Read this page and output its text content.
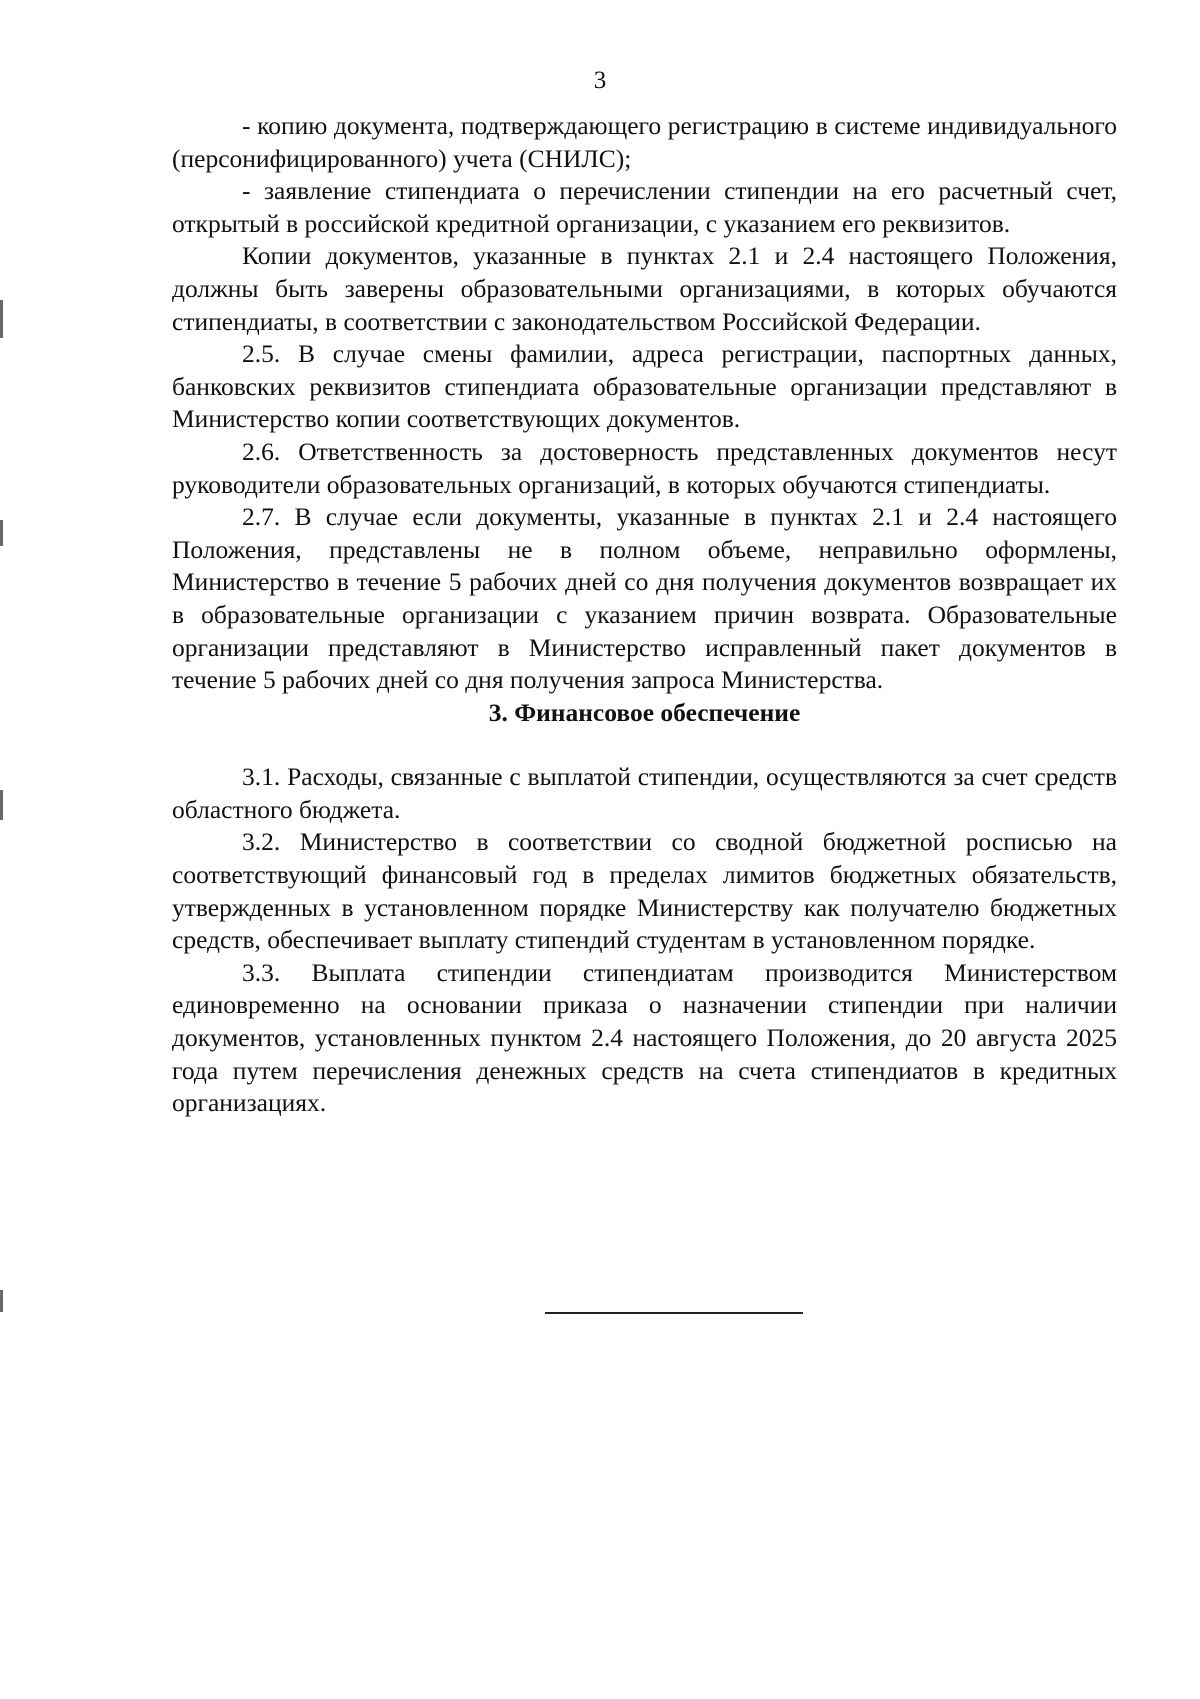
3

- копию документа, подтверждающего регистрацию в системе индивидуального (персонифицированного) учета (СНИЛС);

- заявление стипендиата о перечислении стипендии на его расчетный счет, открытый в российской кредитной организации, с указанием его реквизитов.

Копии документов, указанные в пунктах 2.1 и 2.4 настоящего Положения, должны быть заверены образовательными организациями, в которых обучаются стипендиаты, в соответствии с законодательством Российской Федерации.

2.5. В случае смены фамилии, адреса регистрации, паспортных данных, банковских реквизитов стипендиата образовательные организации представляют в Министерство копии соответствующих документов.

2.6. Ответственность за достоверность представленных документов несут руководители образовательных организаций, в которых обучаются стипендиаты.

2.7. В случае если документы, указанные в пунктах 2.1 и 2.4 настоящего Положения, представлены не в полном объеме, неправильно оформлены, Министерство в течение 5 рабочих дней со дня получения документов возвращает их в образовательные организации с указанием причин возврата. Образовательные организации представляют в Министерство исправленный пакет документов в течение 5 рабочих дней со дня получения запроса Министерства.

3. Финансовое обеспечение

3.1. Расходы, связанные с выплатой стипендии, осуществляются за счет средств областного бюджета.

3.2. Министерство в соответствии со сводной бюджетной росписью на соответствующий финансовый год в пределах лимитов бюджетных обязательств, утвержденных в установленном порядке Министерству как получателю бюджетных средств, обеспечивает выплату стипендий студентам в установленном порядке.

3.3. Выплата стипендии стипендиатам производится Министерством единовременно на основании приказа о назначении стипендии при наличии документов, установленных пунктом 2.4 настоящего Положения, до 20 августа 2025 года путем перечисления денежных средств на счета стипендиатов в кредитных организациях.
